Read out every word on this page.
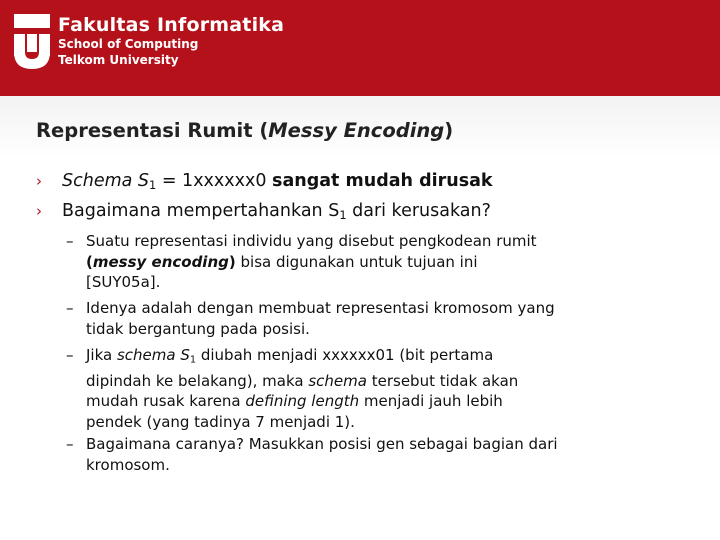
Fakultas Informatika
School of Computing
Telkom University
Representasi Rumit (Messy Encoding)
›	Schema S1 = 1xxxxxx0 sangat mudah dirusak
›	Bagaimana mempertahankan S1 dari kerusakan?
– Suatu representasi individu yang disebut pengkodean rumit
(messy encoding) bisa digunakan untuk tujuan ini
[SUY05a].
– Idenya adalah dengan membuat representasi kromosom yang
tidak bergantung pada posisi.
– Jika schema S1 diubah menjadi xxxxxx01 (bit pertama
dipindah ke belakang), maka schema tersebut tidak akan
mudah rusak karena defining length menjadi jauh lebih
pendek (yang tadinya 7 menjadi 1).
– Bagaimana caranya? Masukkan posisi gen sebagai bagian dari
kromosom.
